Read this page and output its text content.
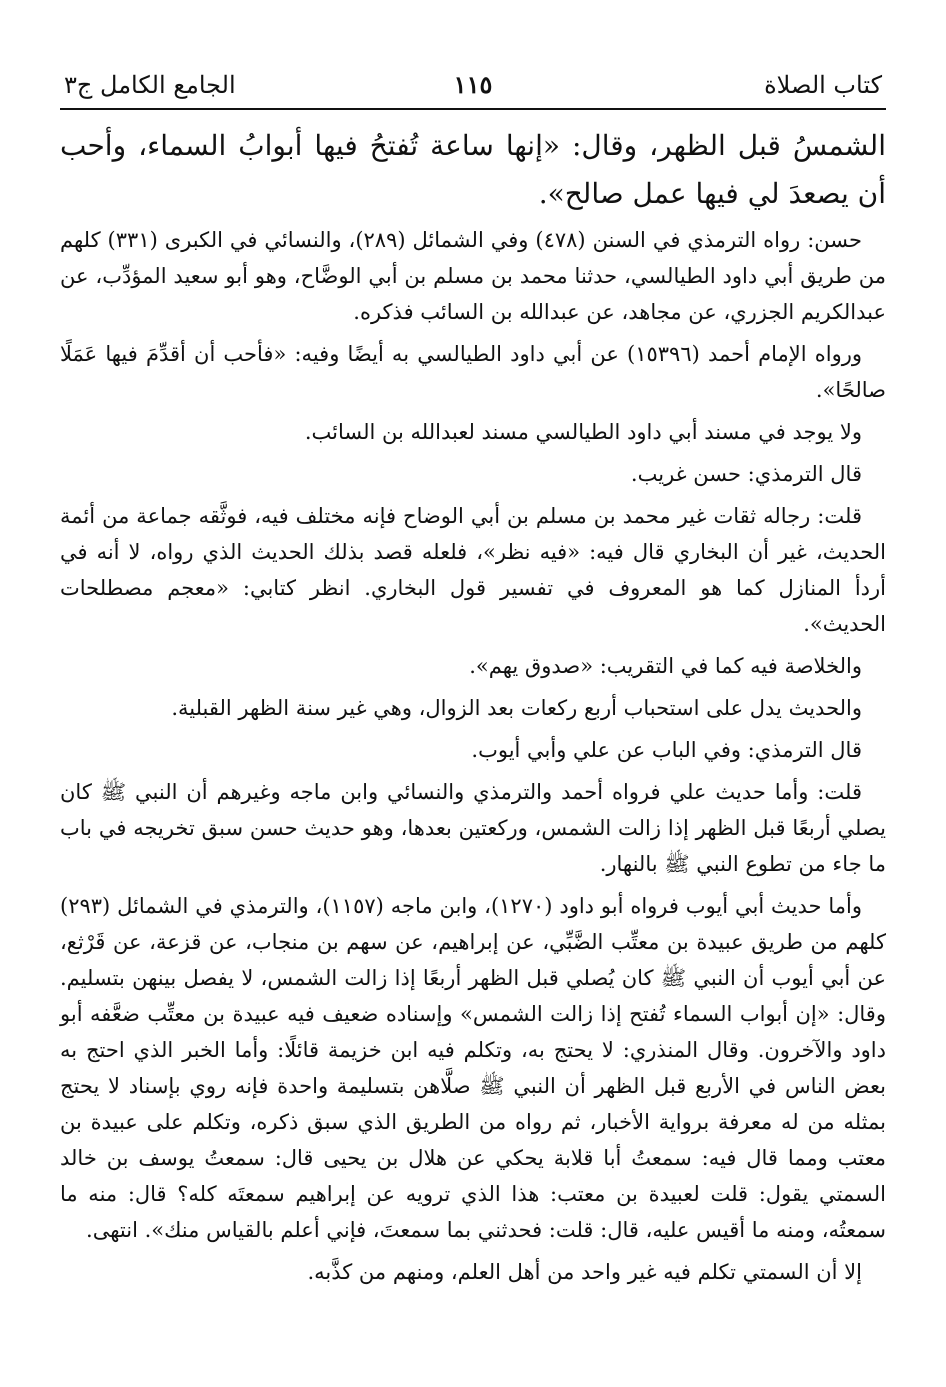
كتاب الصلاة
١١٥
الجامع الكامل ج٣
الشمسُ قبل الظهر، وقال: «إنها ساعة تُفتحُ فيها أبوابُ السماء، وأحب أن يصعدَ لي فيها عمل صالح».

حسن: رواه الترمذي في السنن (٤٧٨) وفي الشمائل (٢٨٩)، والنسائي في الكبرى (٣٣١) كلهم من طريق أبي داود الطيالسي، حدثنا محمد بن مسلم بن أبي الوضَّاح، وهو أبو سعيد المؤدِّب، عن عبدالكريم الجزري، عن مجاهد، عن عبدالله بن السائب فذكره.

ورواه الإمام أحمد (١٥٣٩٦) عن أبي داود الطيالسي به أيضًا وفيه: «فأحب أن أقدِّمَ فيها عَمَلًا صالحًا».

ولا يوجد في مسند أبي داود الطيالسي مسند لعبدالله بن السائب.

قال الترمذي: حسن غريب.

قلت: رجاله ثقات غير محمد بن مسلم بن أبي الوضاح فإنه مختلف فيه، فوثَّقه جماعة من أئمة الحديث، غير أن البخاري قال فيه: «فيه نظر»، فلعله قصد بذلك الحديث الذي رواه، لا أنه في أردأ المنازل كما هو المعروف في تفسير قول البخاري. انظر كتابي: «معجم مصطلحات الحديث».

والخلاصة فيه كما في التقريب: «صدوق يهم».

والحديث يدل على استحباب أربع ركعات بعد الزوال، وهي غير سنة الظهر القبلية.

قال الترمذي: وفي الباب عن علي وأبي أيوب.

قلت: وأما حديث علي فرواه أحمد والترمذي والنسائي وابن ماجه وغيرهم أن النبي ﷺ كان يصلي أربعًا قبل الظهر إذا زالت الشمس، وركعتين بعدها، وهو حديث حسن سبق تخريجه في باب ما جاء من تطوع النبي ﷺ بالنهار.

وأما حديث أبي أيوب فرواه أبو داود (١٢٧٠)، وابن ماجه (١١٥٧)، والترمذي في الشمائل (٢٩٣) كلهم من طريق عبيدة بن معتِّب الضَّبِّي، عن إبراهيم، عن سهم بن منجاب، عن قزعة، عن قَرْثع، عن أبي أيوب أن النبي ﷺ كان يُصلي قبل الظهر أربعًا إذا زالت الشمس، لا يفصل بينهن بتسليم. وقال: «إن أبواب السماء تُفتح إذا زالت الشمس» وإسناده ضعيف فيه عبيدة بن معتِّب ضعَّفه أبو داود والآخرون. وقال المنذري: لا يحتج به، وتكلم فيه ابن خزيمة قائلًا: وأما الخبر الذي احتج به بعض الناس في الأربع قبل الظهر أن النبي ﷺ صلَّاهن بتسليمة واحدة فإنه روي بإسناد لا يحتج بمثله من له معرفة برواية الأخبار، ثم رواه من الطريق الذي سبق ذكره، وتكلم على عبيدة بن معتب ومما قال فيه: سمعتُ أبا قلابة يحكي عن هلال بن يحيى قال: سمعتُ يوسف بن خالد السمتي يقول: قلت لعبيدة بن معتب: هذا الذي ترويه عن إبراهيم سمعتَه كله؟ قال: منه ما سمعتُه، ومنه ما أقيس عليه، قال: قلت: فحدثني بما سمعتَ، فإني أعلم بالقياس منك». انتهى.

إلا أن السمتي تكلم فيه غير واحد من أهل العلم، ومنهم من كذَّبه.
